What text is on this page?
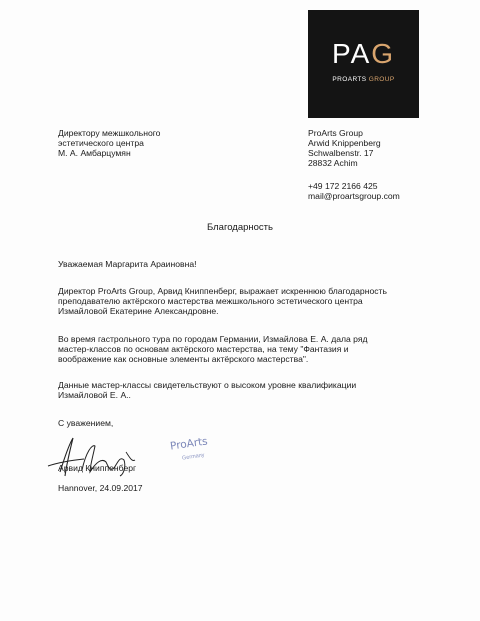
PAG
PROARTS GROUP
Директору межшкольного
эстетического центра
М. А. Амбарцумян
ProArts Group
Arwid Knippenberg
Schwalbenstr. 17
28832 Achim
+49 172 2166 425
mail@proartsgroup.com
Благодарность
Уважаемая Маргарита Араиновна!
Директор ProArts Group, Арвид Книппенберг, выражает искреннюю благодарность
преподавателю актёрского мастерства межшкольного эстетического центра
Измайловой Екатерине Александровне.
Во время гастрольного тура по городам Германии, Измайлова Е. А. дала ряд
мастер-классов по основам актёрского мастерства, на тему "Фантазия и
воображение как основные элементы актёрского мастерства".
Данные мастер-классы свидетельствуют о высоком уровне квалификации
Измайловой Е. А..
С уважением,
ProArts
Germany
Арвид Книппенберг
Hannover, 24.09.2017
